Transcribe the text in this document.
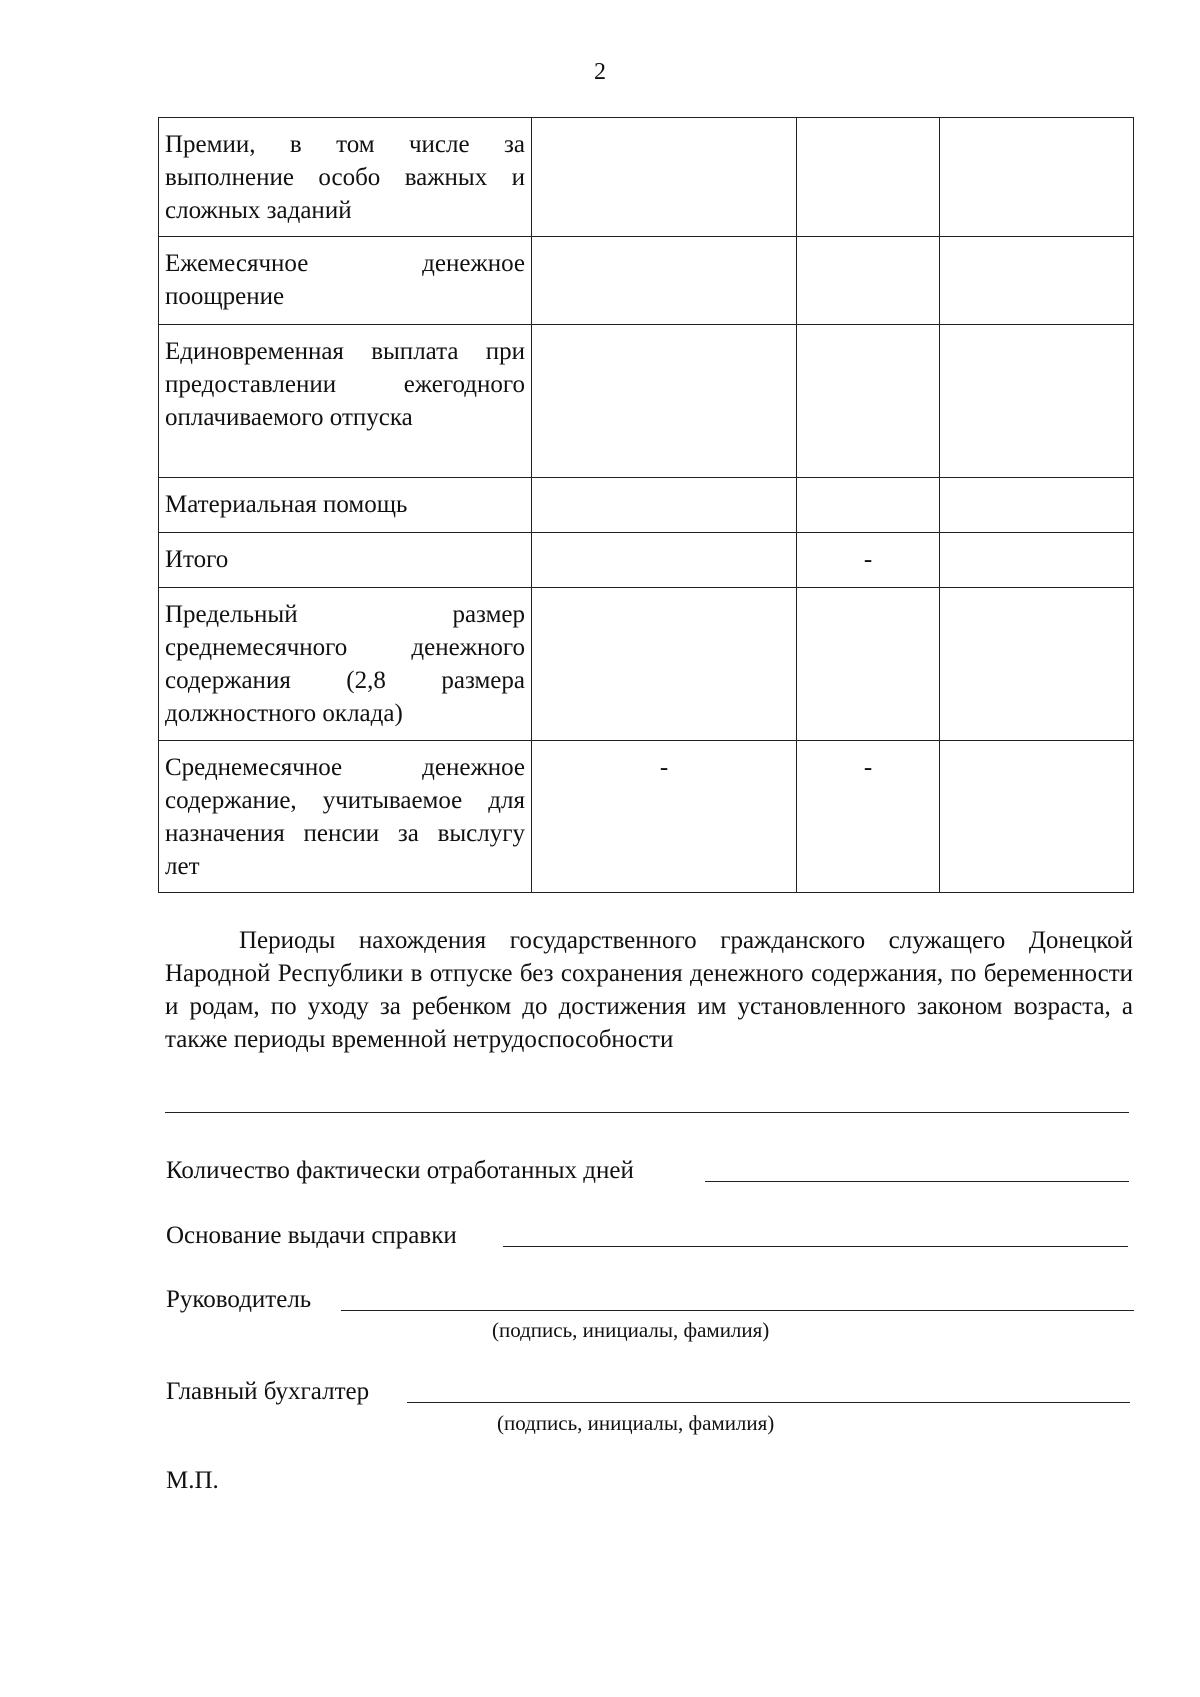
2
Премии, в том числе за выполнение особо важных и сложных заданий			
Ежемесячное денежное поощрение			
Единовременная выплата при предоставлении ежегодного оплачиваемого отпуска			
Материальная помощь			
Итого		-	
Предельный размер среднемесячного денежного содержания (2,8 размера должностного оклада)			
Среднемесячное денежное содержание, учитываемое для назначения пенсии за выслугу лет	-	-	
Периоды нахождения государственного гражданского служащего Донецкой Народной Республики в отпуске без сохранения денежного содержания, по беременности и родам, по уходу за ребенком до достижения им установленного законом возраста, а также периоды временной нетрудоспособности
Количество фактически отработанных дней
Основание выдачи справки
Руководитель
(подпись, инициалы, фамилия)
Главный бухгалтер
(подпись, инициалы, фамилия)
М.П.
